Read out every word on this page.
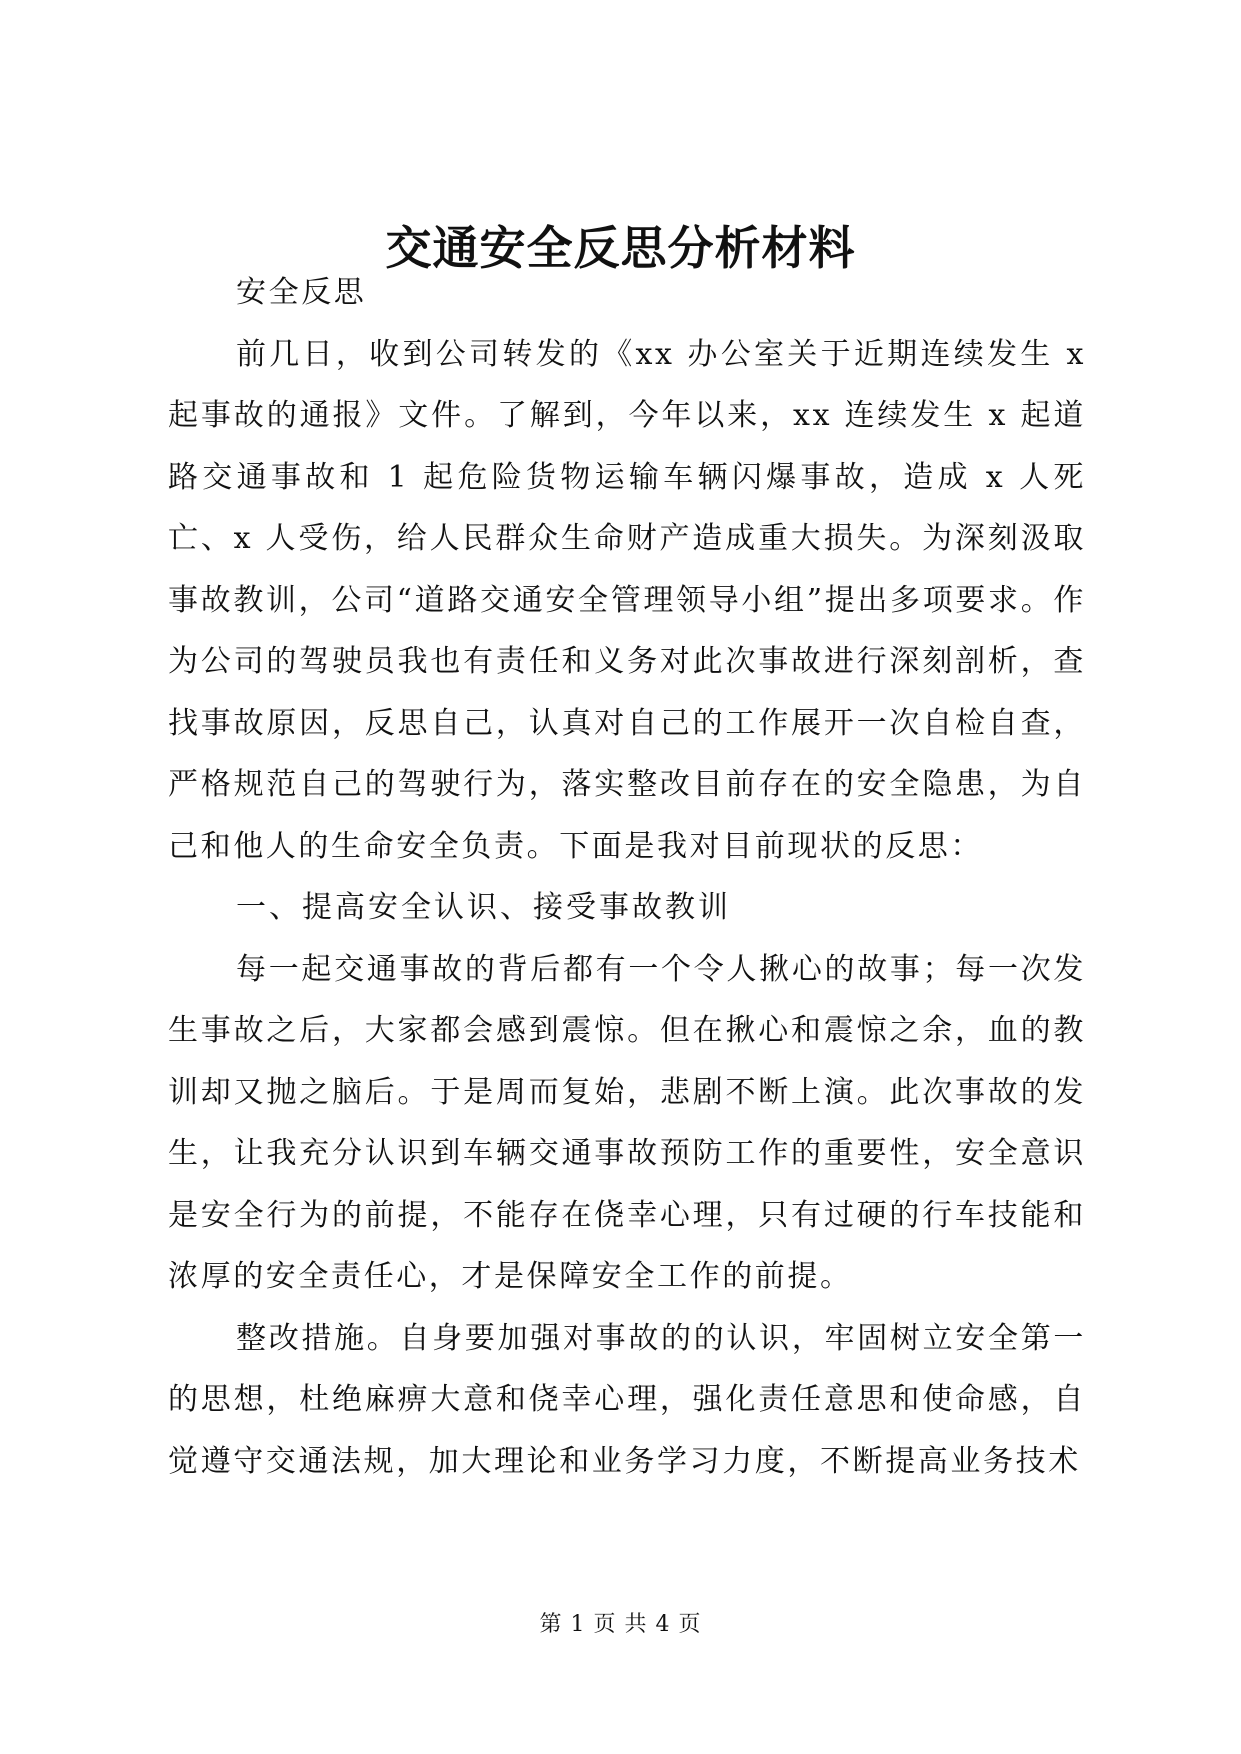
交通安全反思分析材料

安全反思

前几日，收到公司转发的《xx 办公室关于近期连续发生 x 起事故的通报》文件。了解到，今年以来，xx 连续发生 x 起道路交通事故和 1 起危险货物运输车辆闪爆事故，造成 x 人死亡、x 人受伤，给人民群众生命财产造成重大损失。为深刻汲取事故教训，公司“道路交通安全管理领导小组”提出多项要求。作为公司的驾驶员我也有责任和义务对此次事故进行深刻剖析，查找事故原因，反思自己，认真对自己的工作展开一次自检自查，严格规范自己的驾驶行为，落实整改目前存在的安全隐患，为自己和他人的生命安全负责。下面是我对目前现状的反思：

一、提高安全认识、接受事故教训

每一起交通事故的背后都有一个令人揪心的故事；每一次发生事故之后，大家都会感到震惊。但在揪心和震惊之余，血的教训却又抛之脑后。于是周而复始，悲剧不断上演。此次事故的发生，让我充分认识到车辆交通事故预防工作的重要性，安全意识是安全行为的前提，不能存在侥幸心理，只有过硬的行车技能和浓厚的安全责任心，才是保障安全工作的前提。

整改措施。自身要加强对事故的的认识，牢固树立安全第一的思想，杜绝麻痹大意和侥幸心理，强化责任意思和使命感，自觉遵守交通法规，加大理论和业务学习力度，不断提高业务技术

第 1 页 共 4 页
